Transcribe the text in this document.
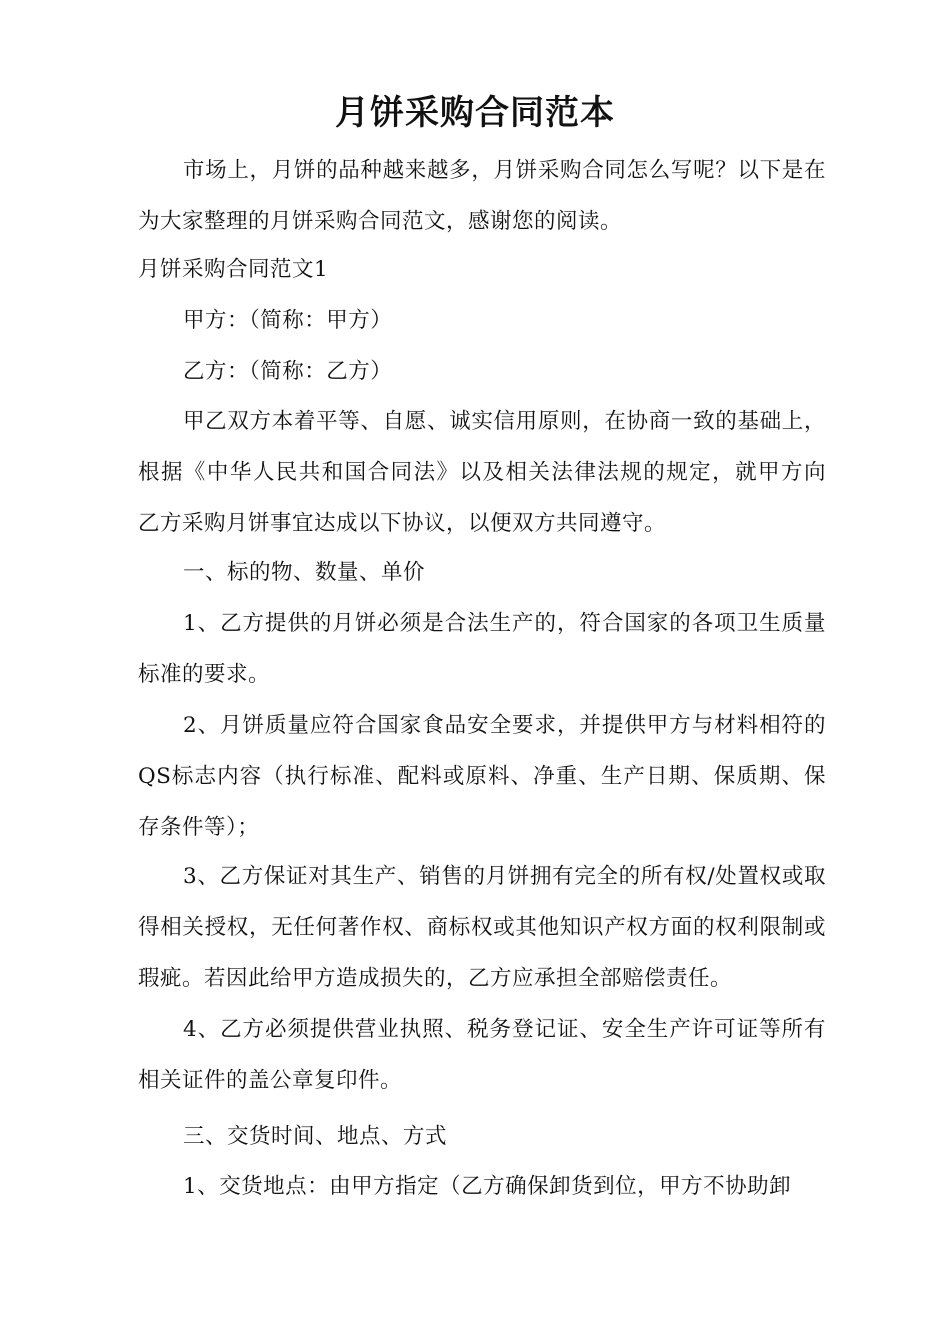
月饼采购合同范本

市场上，月饼的品种越来越多，月饼采购合同怎么写呢？以下是在 为大家整理的月饼采购合同范文，感谢您的阅读。

月饼采购合同范文1

甲方：（简称：甲方）

乙方：（简称：乙方）

甲乙双方本着平等、自愿、诚实信用原则，在协商一致的基础上， 根据《中华人民共和国合同法》以及相关法律法规的规定，就甲方向 乙方采购月饼事宜达成以下协议，以便双方共同遵守。

一、标的物、数量、单价

1、乙方提供的月饼必须是合法生产的，符合国家的各项卫生质量标准的要求。

2、月饼质量应符合国家食品安全要求，并提供甲方与材料相符的QS标志内容（执行标准、配料或原料、净重、生产日期、保质期、保存条件等）；

3、乙方保证对其生产、销售的月饼拥有完全的所有权/处置权或取得相关授权，无任何著作权、商标权或其他知识产权方面的权利限制或瑕疵。若因此给甲方造成损失的，乙方应承担全部赔偿责任。

4、乙方必须提供营业执照、税务登记证、安全生产许可证等所有相关证件的盖公章复印件。

三、交货时间、地点、方式

1、交货地点：由甲方指定（乙方确保卸货到位，甲方不协助卸
